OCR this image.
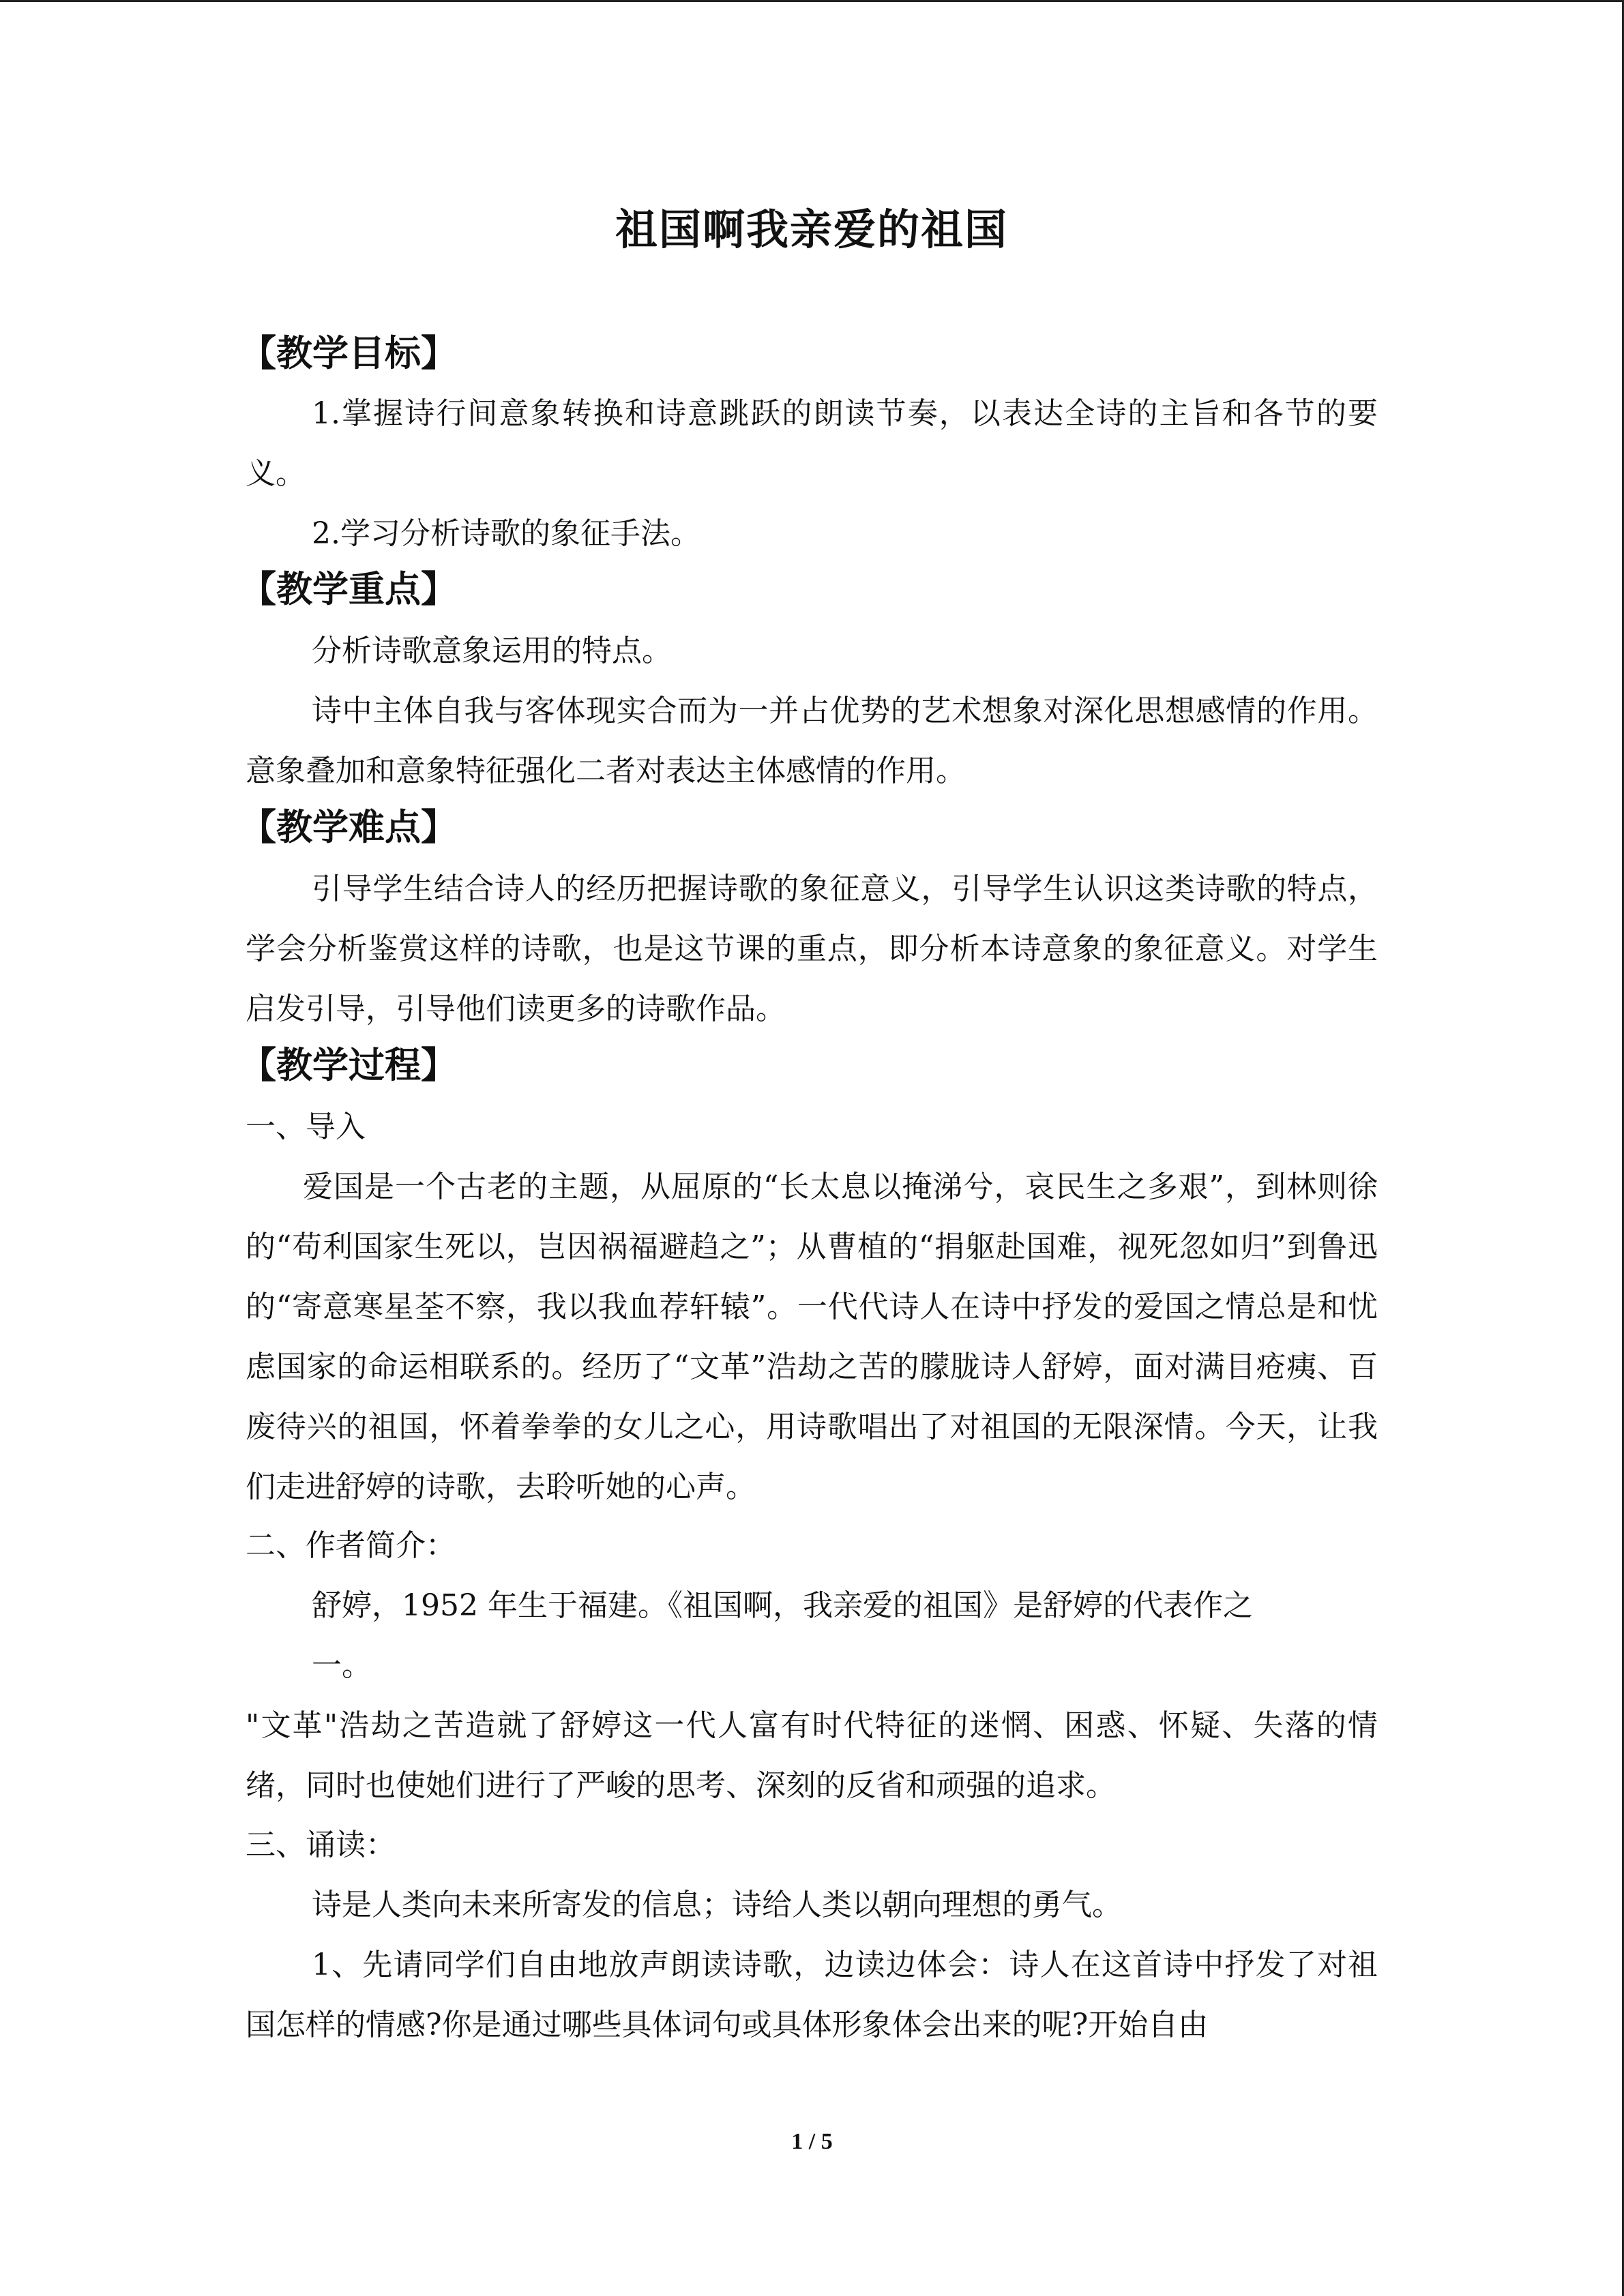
祖国啊我亲爱的祖国
【教学目标】
1.掌握诗行间意象转换和诗意跳跃的朗读节奏，以表达全诗的主旨和各节的要义。
2.学习分析诗歌的象征手法。
【教学重点】
分析诗歌意象运用的特点。
诗中主体自我与客体现实合而为一并占优势的艺术想象对深化思想感情的作用。意象叠加和意象特征强化二者对表达主体感情的作用。
【教学难点】
引导学生结合诗人的经历把握诗歌的象征意义，引导学生认识这类诗歌的特点，学会分析鉴赏这样的诗歌，也是这节课的重点，即分析本诗意象的象征意义。对学生启发引导，引导他们读更多的诗歌作品。
【教学过程】
一、导入
爱国是一个古老的主题，从屈原的“长太息以掩涕兮，哀民生之多艰”，到林则徐的“苟利国家生死以，岂因祸福避趋之”；从曹植的“捐躯赴国难，视死忽如归”到鲁迅的“寄意寒星荃不察，我以我血荐轩辕”。一代代诗人在诗中抒发的爱国之情总是和忧虑国家的命运相联系的。经历了“文革”浩劫之苦的朦胧诗人舒婷，面对满目疮痍、百废待兴的祖国，怀着拳拳的女儿之心，用诗歌唱出了对祖国的无限深情。今天，让我们走进舒婷的诗歌，去聆听她的心声。
二、作者简介：
舒婷，1952 年生于福建。《祖国啊，我亲爱的祖国》是舒婷的代表作之
一。
"文革"浩劫之苦造就了舒婷这一代人富有时代特征的迷惘、困惑、怀疑、失落的情绪，同时也使她们进行了严峻的思考、深刻的反省和顽强的追求。
三、诵读：
诗是人类向未来所寄发的信息；诗给人类以朝向理想的勇气。
1、先请同学们自由地放声朗读诗歌，边读边体会：诗人在这首诗中抒发了对祖国怎样的情感?你是通过哪些具体词句或具体形象体会出来的呢?开始自由
1 / 5
